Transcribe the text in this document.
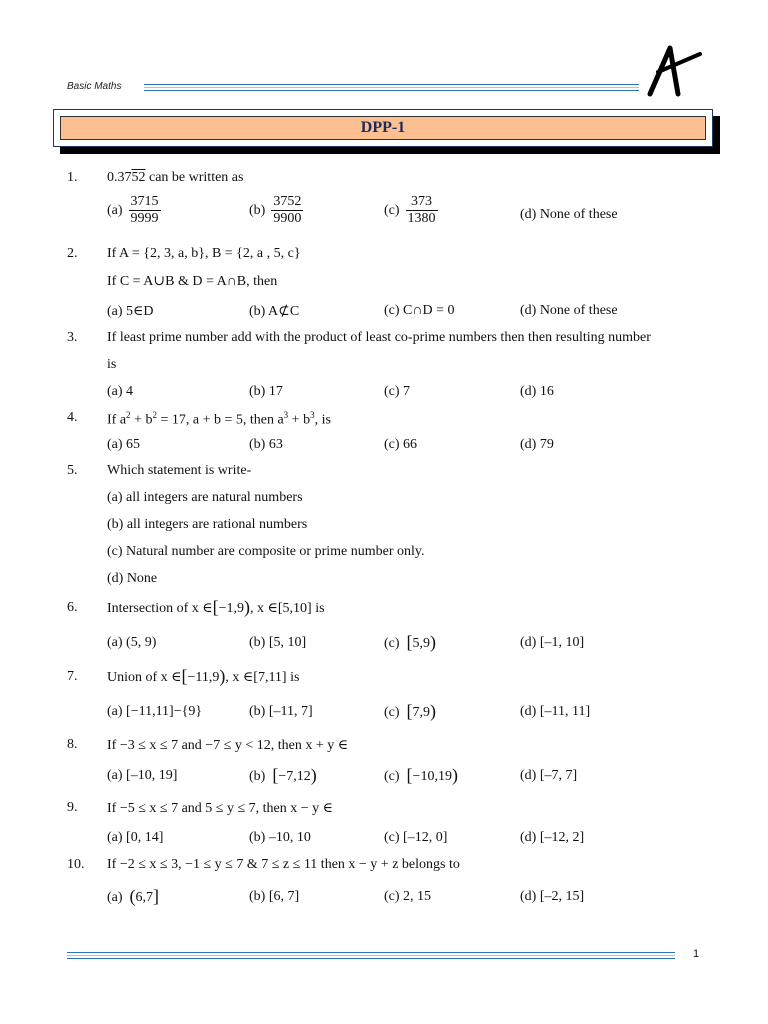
Basic Maths
DPP-1
1. 0.3752 can be written as
$(a) \frac{3715}{9999}$	$(b) \frac{3752}{9900}$	$(c) \frac{373}{1380}$	(d) None of these
2. If A = {2, 3, a, b}, B = {2, a , 5, c}
If C = A∪B & D = A∩B, then
(a) 5∈D	(b) A⊄C	(c) C∩D = 0	(d) None of these
3. If least prime number add with the product of least co-prime numbers then then resulting number
is
(a) 4	(b) 17	(c) 7	(d) 16
4. If $a^2 + b^2 = 17$, a + b = 5, then $a^3 + b^3$, is
(a) 65	(b) 63	(c) 66	(d) 79
5. Which statement is write-
(a) all integers are natural numbers
(b) all integers are rational numbers
(c) Natural number are composite or prime number only.
(d) None
6. Intersection of x ∈[−1,9), x ∈[5,10] is
(a) (5, 9)	(b) [5, 10]	(c) [5,9)	(d) [–1, 10]
7. Union of x ∈[−11,9), x ∈[7,11] is
(a) [−11,11]−{9}	(b) [–11, 7]	(c) [7,9)	(d) [–11, 11]
8. If −3 ≤ x ≤ 7 and −7 ≤ y < 12, then x + y ∈
(a) [–10, 19]	(b) [−7,12)	(c) [−10,19)	(d) [–7, 7]
9. If −5 ≤ x ≤ 7 and 5 ≤ y ≤ 7, then x − y ∈
(a) [0, 14]	(b) –10, 10	(c) [–12, 0]	(d) [–12, 2]
10. If −2 ≤ x ≤ 3, −1 ≤ y ≤ 7 & 7 ≤ z ≤ 11 then x − y + z belongs to
(a) (6,7]	(b) [6, 7]	(c) 2, 15	(d) [–2, 15]
1
